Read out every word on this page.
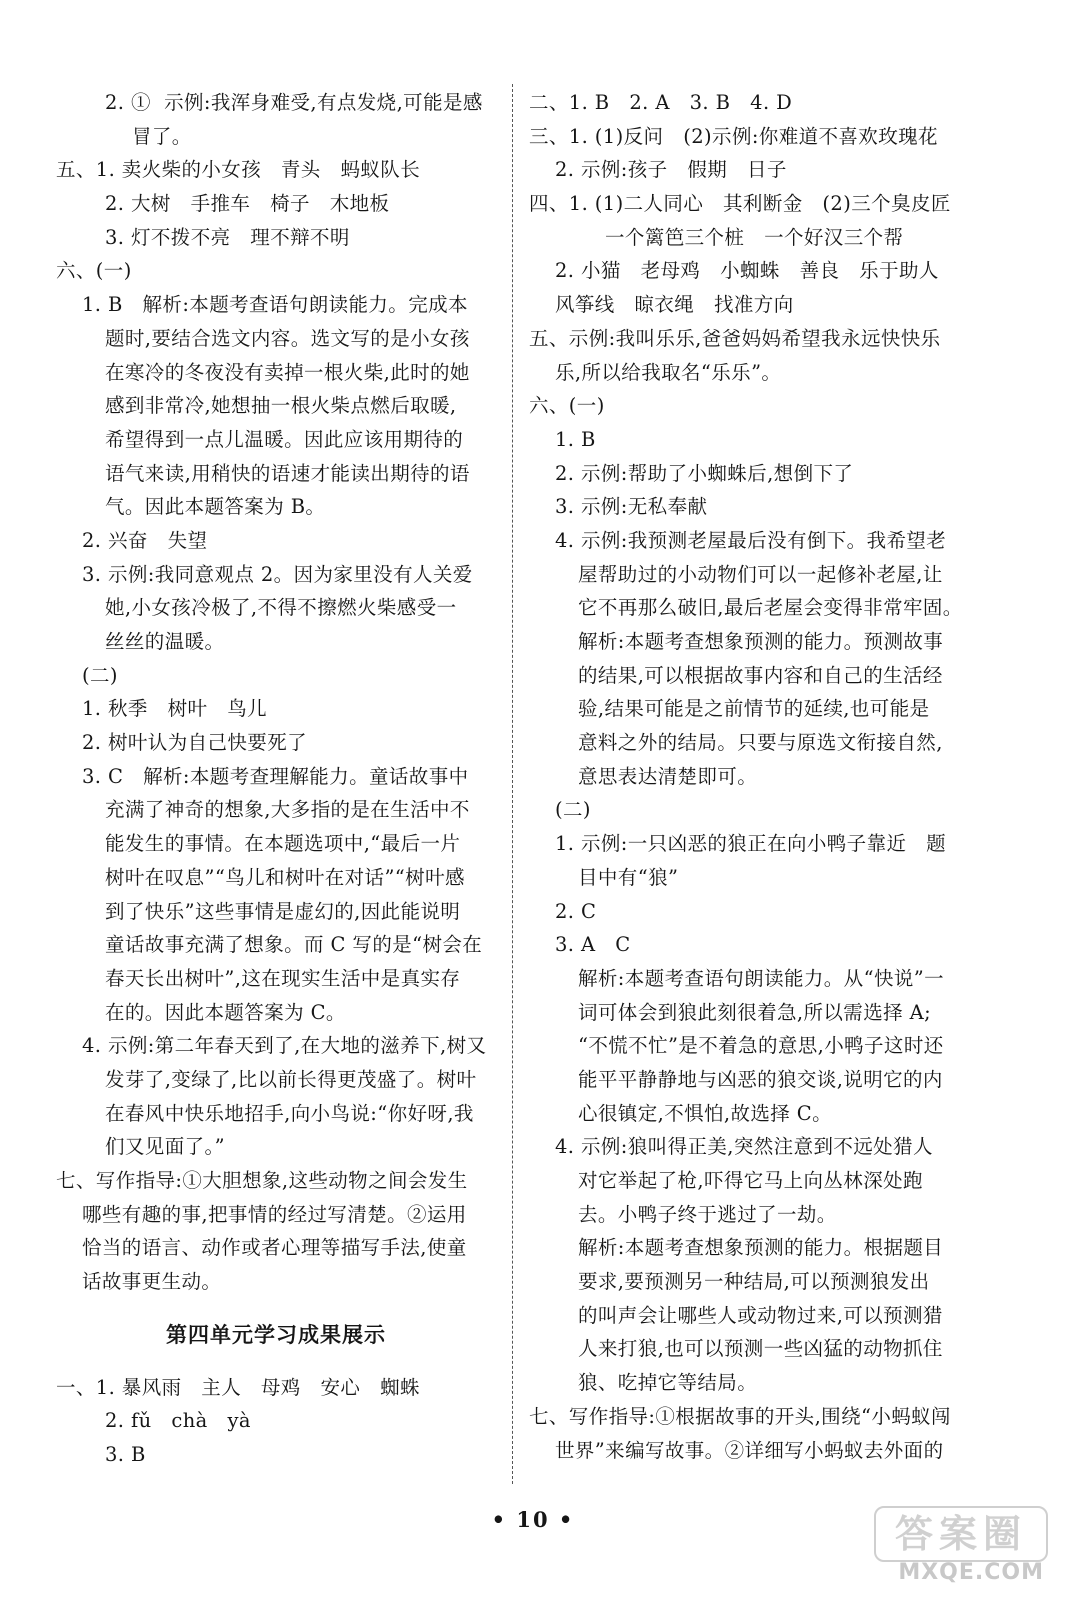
2. ①  示例:我浑身难受,有点发烧,可能是感
冒了。
五、1. 卖火柴的小女孩   青头   蚂蚁队长
2. 大树   手推车   椅子   木地板
3. 灯不拨不亮   理不辩不明
六、(一)
1. B   解析:本题考查语句朗读能力。完成本
题时,要结合选文内容。选文写的是小女孩
在寒冷的冬夜没有卖掉一根火柴,此时的她
感到非常冷,她想抽一根火柴点燃后取暖,
希望得到一点儿温暖。因此应该用期待的
语气来读,用稍快的语速才能读出期待的语
气。因此本题答案为 B。
2. 兴奋   失望
3. 示例:我同意观点 2。因为家里没有人关爱
她,小女孩冷极了,不得不擦燃火柴感受一
丝丝的温暖。
(二)
1. 秋季   树叶   鸟儿
2. 树叶认为自己快要死了
3. C   解析:本题考查理解能力。童话故事中
充满了神奇的想象,大多指的是在生活中不
能发生的事情。在本题选项中,“最后一片
树叶在叹息”“鸟儿和树叶在对话”“树叶感
到了快乐”这些事情是虚幻的,因此能说明
童话故事充满了想象。而 C 写的是“树会在
春天长出树叶”,这在现实生活中是真实存
在的。因此本题答案为 C。
4. 示例:第二年春天到了,在大地的滋养下,树又
发芽了,变绿了,比以前长得更茂盛了。树叶
在春风中快乐地招手,向小鸟说:“你好呀,我
们又见面了。”
七、写作指导:①大胆想象,这些动物之间会发生
哪些有趣的事,把事情的经过写清楚。②运用
恰当的语言、动作或者心理等描写手法,使童
话故事更生动。
第四单元学习成果展示
一、1. 暴风雨   主人   母鸡   安心   蜘蛛
2. fǔ   chà   yà
3. B
二、1. B   2. A   3. B   4. D
三、1. (1)反问   (2)示例:你难道不喜欢玫瑰花
2. 示例:孩子   假期   日子
四、1. (1)二人同心   其利断金   (2)三个臭皮匠
一个篱笆三个桩   一个好汉三个帮
2. 小猫   老母鸡   小蜘蛛   善良   乐于助人
风筝线   晾衣绳   找准方向
五、示例:我叫乐乐,爸爸妈妈希望我永远快快乐
乐,所以给我取名“乐乐”。
六、(一)
1. B
2. 示例:帮助了小蜘蛛后,想倒下了
3. 示例:无私奉献
4. 示例:我预测老屋最后没有倒下。我希望老
屋帮助过的小动物们可以一起修补老屋,让
它不再那么破旧,最后老屋会变得非常牢固。
解析:本题考查想象预测的能力。预测故事
的结果,可以根据故事内容和自己的生活经
验,结果可能是之前情节的延续,也可能是
意料之外的结局。只要与原选文衔接自然,
意思表达清楚即可。
(二)
1. 示例:一只凶恶的狼正在向小鸭子靠近   题
目中有“狼”
2. C
3. A   C
解析:本题考查语句朗读能力。从“快说”一
词可体会到狼此刻很着急,所以需选择 A;
“不慌不忙”是不着急的意思,小鸭子这时还
能平平静静地与凶恶的狼交谈,说明它的内
心很镇定,不惧怕,故选择 C。
4. 示例:狼叫得正美,突然注意到不远处猎人
对它举起了枪,吓得它马上向丛林深处跑
去。小鸭子终于逃过了一劫。
解析:本题考查想象预测的能力。根据题目
要求,要预测另一种结局,可以预测狼发出
的叫声会让哪些人或动物过来,可以预测猎
人来打狼,也可以预测一些凶猛的动物抓住
狼、吃掉它等结局。
七、写作指导:①根据故事的开头,围绕“小蚂蚁闯
世界”来编写故事。②详细写小蚂蚁去外面的
• 10 •	答案圈
MXQE.COM
